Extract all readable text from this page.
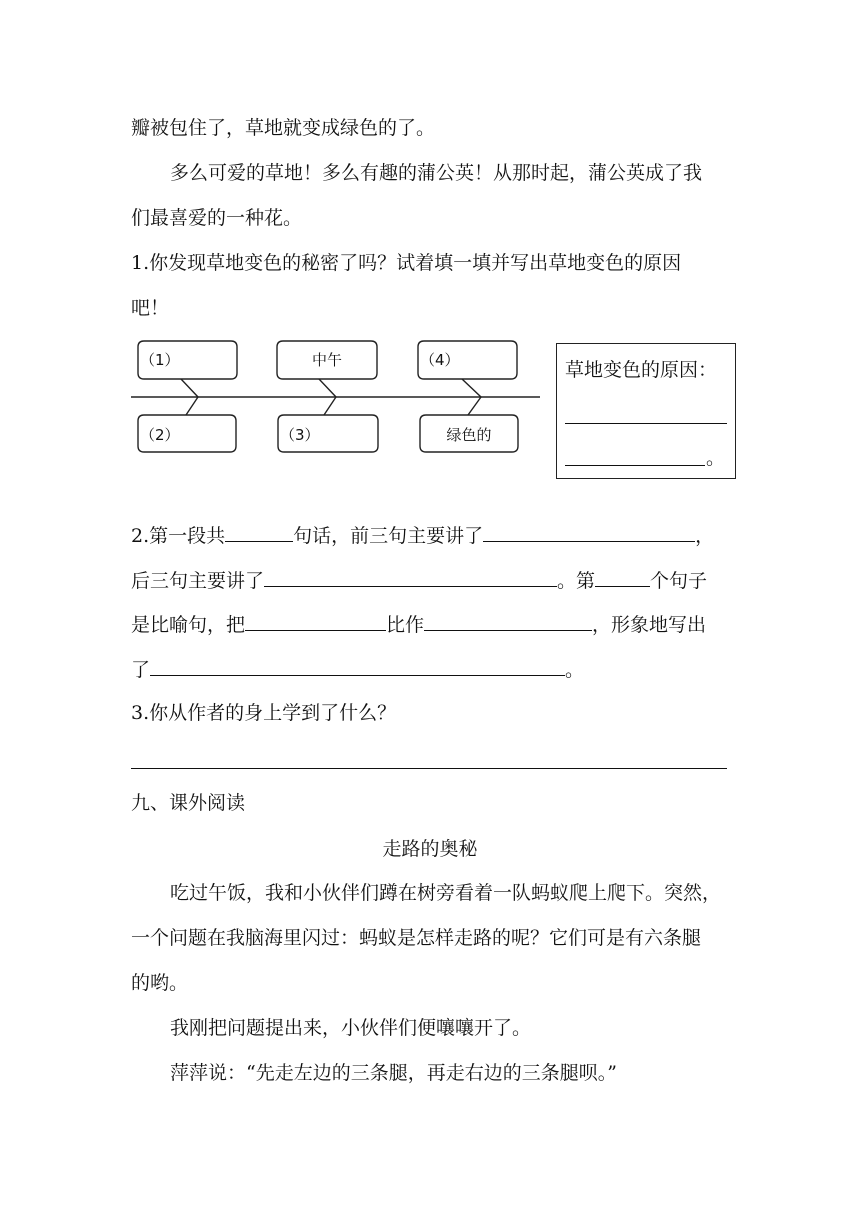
瓣被包住了，草地就变成绿色的了。
多么可爱的草地！多么有趣的蒲公英！从那时起，蒲公英成了我
们最喜爱的一种花。
1.你发现草地变色的秘密了吗？试着填一填并写出草地变色的原因
吧！
（1）	中午	（4）
（2）	（3）	绿色的
草地变色的原因：
。
2.第一段共	句话，前三句主要讲了	，
后三句主要讲了	。第	个句子
是比喻句，把	比作	，形象地写出
了	。
3.你从作者的身上学到了什么？
九、课外阅读
走路的奥秘
吃过午饭，我和小伙伴们蹲在树旁看着一队蚂蚁爬上爬下。突然，
一个问题在我脑海里闪过：蚂蚁是怎样走路的呢？它们可是有六条腿
的哟。
我刚把问题提出来，小伙伴们便嚷嚷开了。
萍萍说：“先走左边的三条腿，再走右边的三条腿呗。”
